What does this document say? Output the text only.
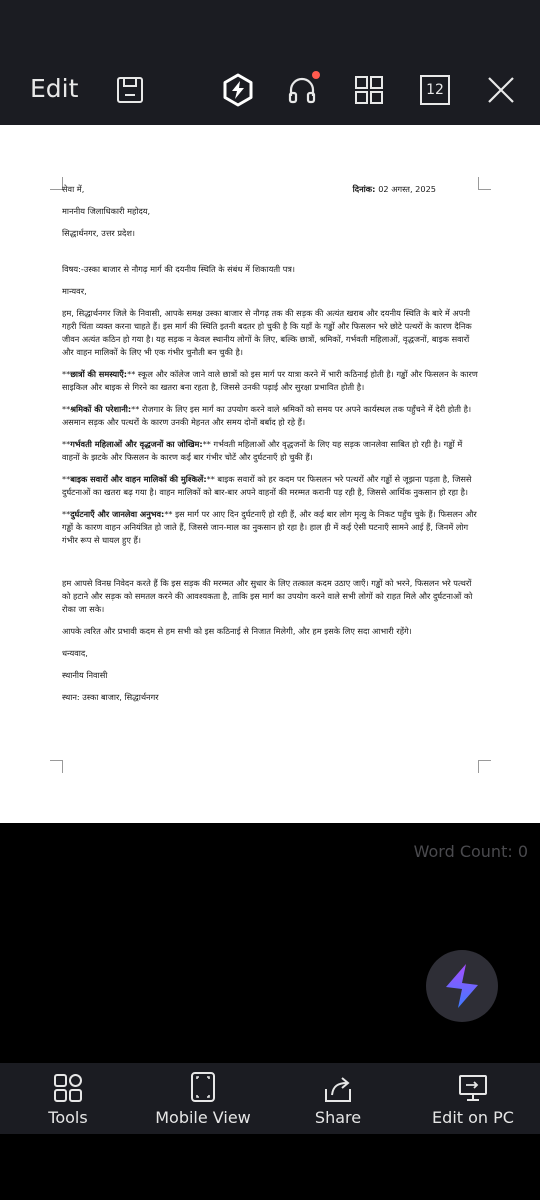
Edit	12
सेवा में,	दिनांक: 02 अगस्त, 2025

माननीय जिलाधिकारी महोदय,

सिद्धार्थनगर, उत्तर प्रदेश।

विषय:-उस्का बाजार से नौगढ़ मार्ग की दयनीय स्थिति के संबंध में शिकायती पत्र।

मान्यवर,

हम, सिद्धार्थनगर जिले के निवासी, आपके समक्ष उस्का बाजार से नौगढ़ तक की सड़क की अत्यंत खराब और दयनीय स्थिति के बारे में अपनी गहरी चिंता व्यक्त करना चाहते हैं। इस मार्ग की स्थिति इतनी बदतर हो चुकी है कि यहाँ के गड्ढों और फिसलन भरे छोटे पत्थरों के कारण दैनिक जीवन अत्यंत कठिन हो गया है। यह सड़क न केवल स्थानीय लोगों के लिए, बल्कि छात्रों, श्रमिकों, गर्भवती महिलाओं, वृद्धजनों, बाइक सवारों और वाहन मालिकों के लिए भी एक गंभीर चुनौती बन चुकी है।

**छात्रों की समस्याएँ:** स्कूल और कॉलेज जाने वाले छात्रों को इस मार्ग पर यात्रा करने में भारी कठिनाई होती है। गड्ढों और फिसलन के कारण साइकिल और बाइक से गिरने का खतरा बना रहता है, जिससे उनकी पढ़ाई और सुरक्षा प्रभावित होती है।

**श्रमिकों की परेशानी:** रोजगार के लिए इस मार्ग का उपयोग करने वाले श्रमिकों को समय पर अपने कार्यस्थल तक पहुँचने में देरी होती है। असमान सड़क और पत्थरों के कारण उनकी मेहनत और समय दोनों बर्बाद हो रहे हैं।

**गर्भवती महिलाओं और वृद्धजनों का जोखिम:** गर्भवती महिलाओं और वृद्धजनों के लिए यह सड़क जानलेवा साबित हो रही है। गड्ढों में वाहनों के झटके और फिसलन के कारण कई बार गंभीर चोटें और दुर्घटनाएँ हो चुकी हैं।

**बाइक सवारों और वाहन मालिकों की मुश्किलें:** बाइक सवारों को हर कदम पर फिसलन भरे पत्थरों और गड्ढों से जूझना पड़ता है, जिससे दुर्घटनाओं का खतरा बढ़ गया है। वाहन मालिकों को बार-बार अपने वाहनों की मरम्मत करानी पड़ रही है, जिससे आर्थिक नुकसान हो रहा है।

**दुर्घटनाएँ और जानलेवा अनुभव:** इस मार्ग पर आए दिन दुर्घटनाएँ हो रही हैं, और कई बार लोग मृत्यु के निकट पहुँच चुके हैं। फिसलन और गड्ढों के कारण वाहन अनियंत्रित हो जाते हैं, जिससे जान-माल का नुकसान हो रहा है। हाल ही में कई ऐसी घटनाएँ सामने आई हैं, जिनमें लोग गंभीर रूप से घायल हुए हैं।

हम आपसे विनम्र निवेदन करते हैं कि इस सड़क की मरम्मत और सुधार के लिए तत्काल कदम उठाए जाएँ। गड्ढों को भरने, फिसलन भरे पत्थरों को हटाने और सड़क को समतल करने की आवश्यकता है, ताकि इस मार्ग का उपयोग करने वाले सभी लोगों को राहत मिले और दुर्घटनाओं को रोका जा सके।

आपके त्वरित और प्रभावी कदम से हम सभी को इस कठिनाई से निजात मिलेगी, और हम इसके लिए सदा आभारी रहेंगे।

धन्यवाद,

स्थानीय निवासी

स्थान: उस्का बाजार, सिद्धार्थनगर

Word Count: 0
Tools	Mobile View	Share	Edit on PC
